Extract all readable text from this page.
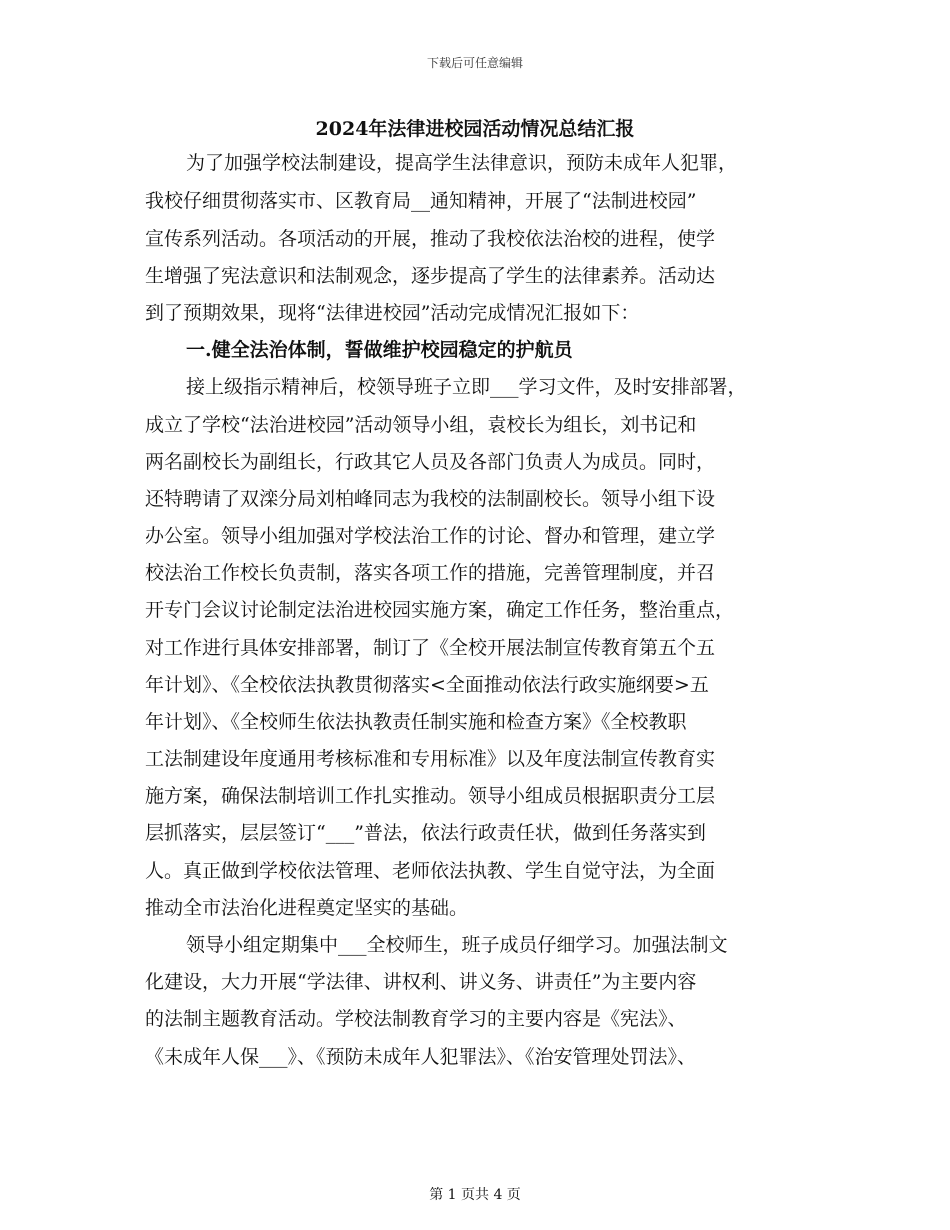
下载后可任意编辑
2024年法律进校园活动情况总结汇报
为了加强学校法制建设，提高学生法律意识，预防未成年人犯罪，
我校仔细贯彻落实市、区教育局__通知精神，开展了“法制进校园”
宣传系列活动。各项活动的开展，推动了我校依法治校的进程，使学
生增强了宪法意识和法制观念，逐步提高了学生的法律素养。活动达
到了预期效果，现将“法律进校园”活动完成情况汇报如下：
一.健全法治体制，誓做维护校园稳定的护航员
接上级指示精神后，校领导班子立即___学习文件，及时安排部署，
成立了学校“法治进校园”活动领导小组，袁校长为组长，刘书记和
两名副校长为副组长，行政其它人员及各部门负责人为成员。同时，
还特聘请了双滦分局刘柏峰同志为我校的法制副校长。领导小组下设
办公室。领导小组加强对学校法治工作的讨论、督办和管理，建立学
校法治工作校长负责制，落实各项工作的措施，完善管理制度，并召
开专门会议讨论制定法治进校园实施方案，确定工作任务，整治重点，
对工作进行具体安排部署，制订了《全校开展法制宣传教育第五个五
年计划》、《全校依法执教贯彻落实<全面推动依法行政实施纲要>五
年计划》、《全校师生依法执教责任制实施和检查方案》《全校教职
工法制建设年度通用考核标准和专用标准》以及年度法制宣传教育实
施方案，确保法制培训工作扎实推动。领导小组成员根据职责分工层
层抓落实，层层签订“___”普法，依法行政责任状，做到任务落实到
人。真正做到学校依法管理、老师依法执教、学生自觉守法，为全面
推动全市法治化进程奠定坚实的基础。
领导小组定期集中___全校师生，班子成员仔细学习。加强法制文
化建设，大力开展“学法律、讲权利、讲义务、讲责任”为主要内容
的法制主题教育活动。学校法制教育学习的主要内容是《宪法》、
《未成年人保___》、《预防未成年人犯罪法》、《治安管理处罚法》、
第 1 页共 4 页
